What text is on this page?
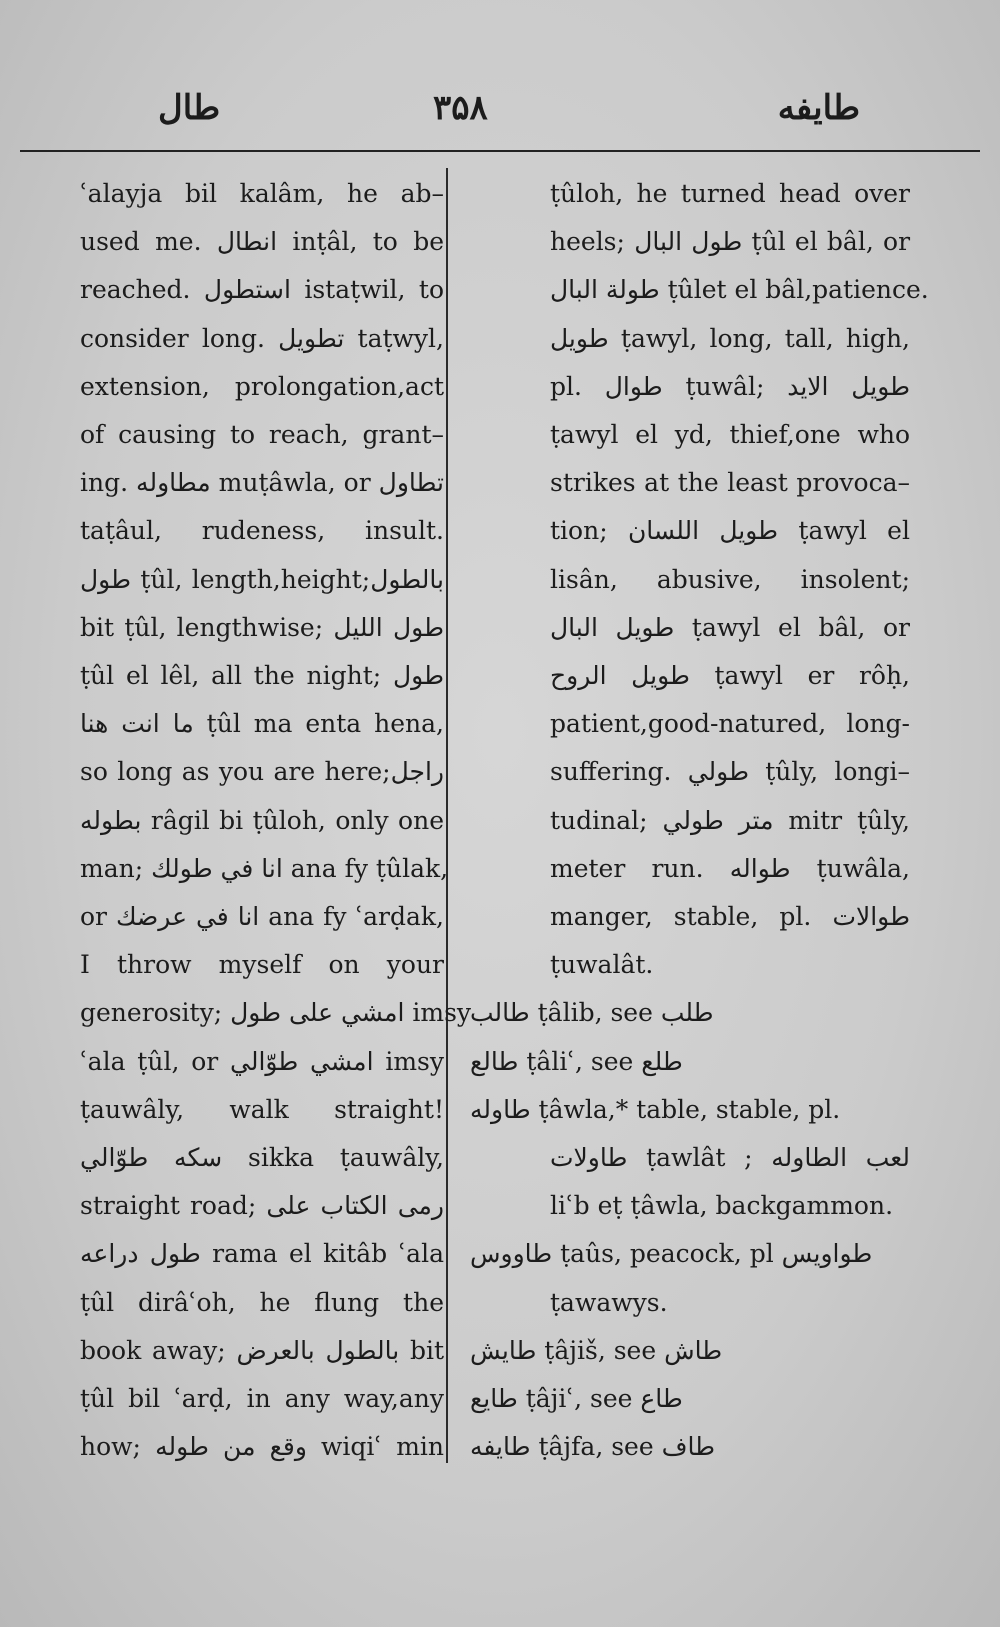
طال	۳۵۸	طايفه
ʿalayja bil kalâm, he ab–
used me. انطال inṭâl, to be
reached. استطول istaṭwil, to
consider long. تطويل taṭwyl,
extension, prolongation,act
of causing to reach, grant–
ing. مطاوله muṭâwla, or تطاول
taṭâul, rudeness, insult.
طول ṭûl, length,height;بالطول
bit ṭûl, lengthwise; طول الليل
ṭûl el lêl, all the night; طول
ما انت هنا ṭûl ma enta hena,
so long as you are here;راجل
بطوله râgil bi ṭûloh, only one
man; انا في طولك ana fy ṭûlak,
or انا في عرضك ana fy ʿarḍak,
I throw myself on your
generosity; امشي على طول imsy
ʿala ṭûl, or امشي طوّالي imsy
ṭauwâly, walk straight!
سكه طوّالي sikka ṭauwâly,
straight road; رمى الكتاب على
طول دراعه rama el kitâb ʿala
ṭûl dirâʿoh, he flung the
book away; بالطول بالعرض bit
ṭûl bil ʿarḍ, in any way,any
how; وقع من طوله wiqiʿ min
ṭûloh, he turned head over
heels; طول البال ṭûl el bâl, or
طولة البال ṭûlet el bâl,patience.
طويل ṭawyl, long, tall, high,
pl. طوال ṭuwâl; طويل الايد
ṭawyl el yd, thief,one who
strikes at the least provoca–
tion; طويل اللسان ṭawyl el
lisân, abusive, insolent;
طويل البال ṭawyl el bâl, or
طويل الروح ṭawyl er rôḥ,
patient,good-natured, long-
suffering. طولي ṭûly, longi–
tudinal; متر طولي mitr ṭûly,
meter run. طواله ṭuwâla,
manger, stable, pl. طوالات
ṭuwalât.
طالب ṭâlib, see طلب
طالع ṭâliʿ, see طلع
طاوله ṭâwla,* table, stable, pl.
طاولات ṭawlât ; لعب الطاوله
liʿb eṭ ṭâwla, backgammon.
طاووس ṭaûs, peacock, pl طواويس
ṭawawys.
طايش ṭâjiš, see طاش
طايع ṭâjiʿ, see طاع
طايفه ṭâjfa, see طاف
